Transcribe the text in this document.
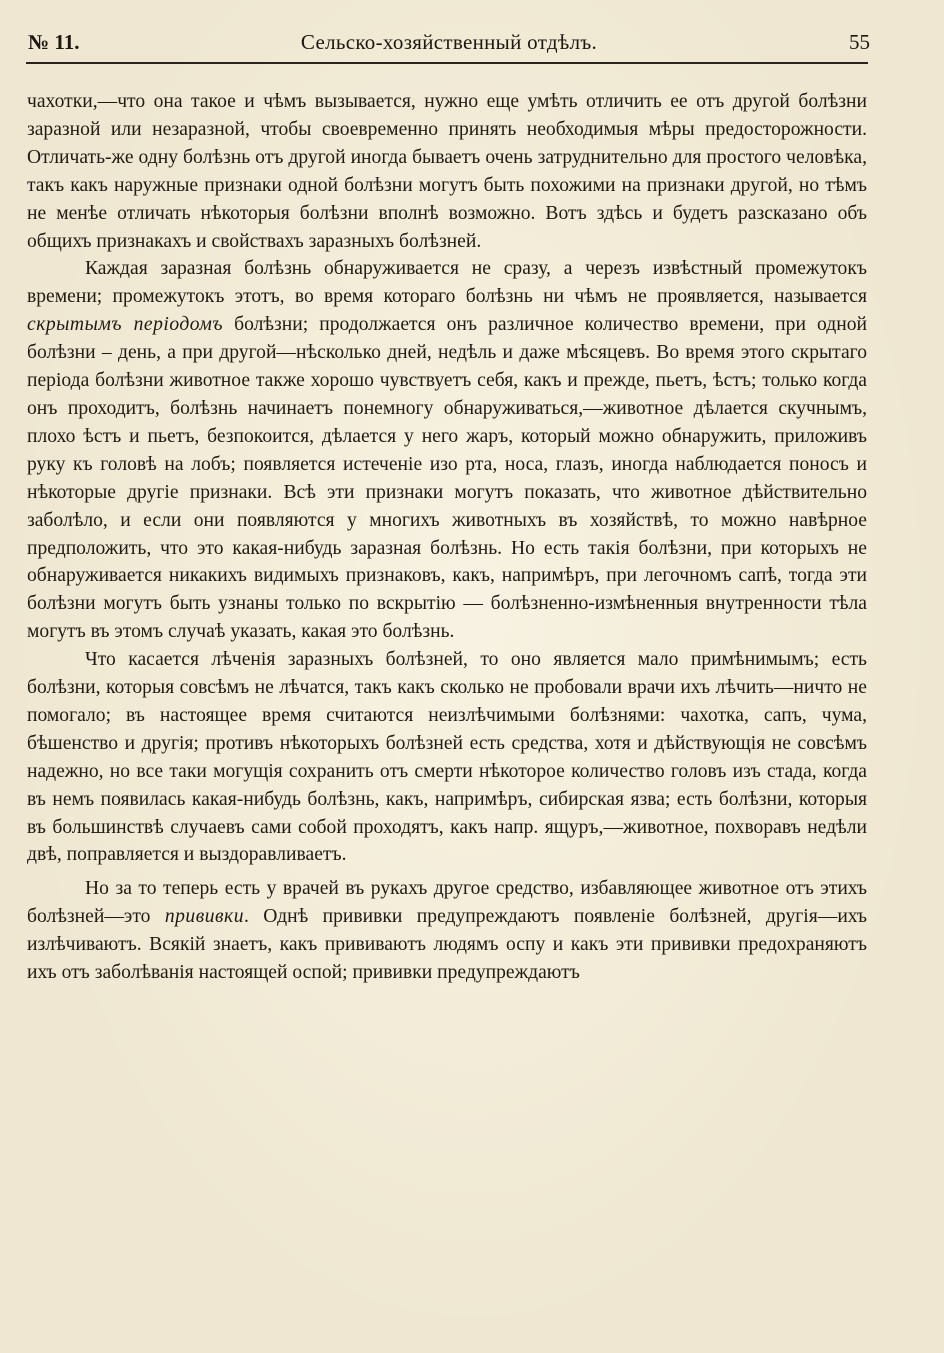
№ 11.	Сельско-хозяйственный отдѣлъ.	55

чахотки,—что она такое и чѣмъ вызывается, нужно еще умѣть отличить ее отъ другой болѣзни заразной или незаразной, чтобы своевременно принять необходимыя мѣры предосторожности. Отличать-же одну болѣзнь отъ другой иногда бываетъ очень затруднительно для простого человѣка, такъ какъ наружные признаки одной болѣзни могутъ быть похожими на признаки другой, но тѣмъ не менѣе отличать нѣкоторыя болѣзни вполнѣ возможно. Вотъ здѣсь и будетъ разсказано объ общихъ признакахъ и свойствахъ заразныхъ болѣзней.

Каждая заразная болѣзнь обнаруживается не сразу, а черезъ извѣстный промежутокъ времени; промежутокъ этотъ, во время котораго болѣзнь ни чѣмъ не проявляется, называется скрытымъ періодомъ болѣзни; продолжается онъ различное количество времени, при одной болѣзни – день, а при другой—нѣсколько дней, недѣль и даже мѣсяцевъ. Во время этого скрытаго періода болѣзни животное также хорошо чувствуетъ себя, какъ и прежде, пьетъ, ѣстъ; только когда онъ проходитъ, болѣзнь начинаетъ понемногу обнаруживаться,—животное дѣлается скучнымъ, плохо ѣстъ и пьетъ, безпокоится, дѣлается у него жаръ, который можно обнаружить, приложивъ руку къ головѣ на лобъ; появляется истеченіе изо рта, носа, глазъ, иногда наблюдается поносъ и нѣкоторые другіе признаки. Всѣ эти признаки могутъ показать, что животное дѣйствительно заболѣло, и если они появляются у многихъ животныхъ въ хозяйствѣ, то можно навѣрное предположить, что это какая-нибудь заразная болѣзнь. Но есть такія болѣзни, при которыхъ не обнаруживается никакихъ видимыхъ признаковъ, какъ, напримѣръ, при легочномъ сапѣ, тогда эти болѣзни могутъ быть узнаны только по вскрытію — болѣзненно-измѣненныя внутренности тѣла могутъ въ этомъ случаѣ указать, какая это болѣзнь.

Что касается лѣченія заразныхъ болѣзней, то оно является мало примѣнимымъ; есть болѣзни, которыя совсѣмъ не лѣчатся, такъ какъ сколько не пробовали врачи ихъ лѣчить—ничто не помогало; въ настоящее время считаются неизлѣчимыми болѣзнями: чахотка, сапъ, чума, бѣшенство и другія; противъ нѣкоторыхъ болѣзней есть средства, хотя и дѣйствующія не совсѣмъ надежно, но все таки могущія сохранить отъ смерти нѣкоторое количество головъ изъ стада, когда въ немъ появилась какая-нибудь болѣзнь, какъ, напримѣръ, сибирская язва; есть болѣзни, которыя въ большинствѣ случаевъ сами собой проходятъ, какъ напр. ящуръ,—животное, похворавъ недѣли двѣ, поправляется и выздоравливаетъ.

Но за то теперь есть у врачей въ рукахъ другое средство, избавляющее животное отъ этихъ болѣзней—это прививки. Однѣ прививки предупреждаютъ появленіе болѣзней, другія—ихъ излѣчиваютъ. Всякій знаетъ, какъ прививаютъ людямъ оспу и какъ эти прививки предохраняютъ ихъ отъ заболѣванія настоящей оспой; прививки предупреждаютъ
